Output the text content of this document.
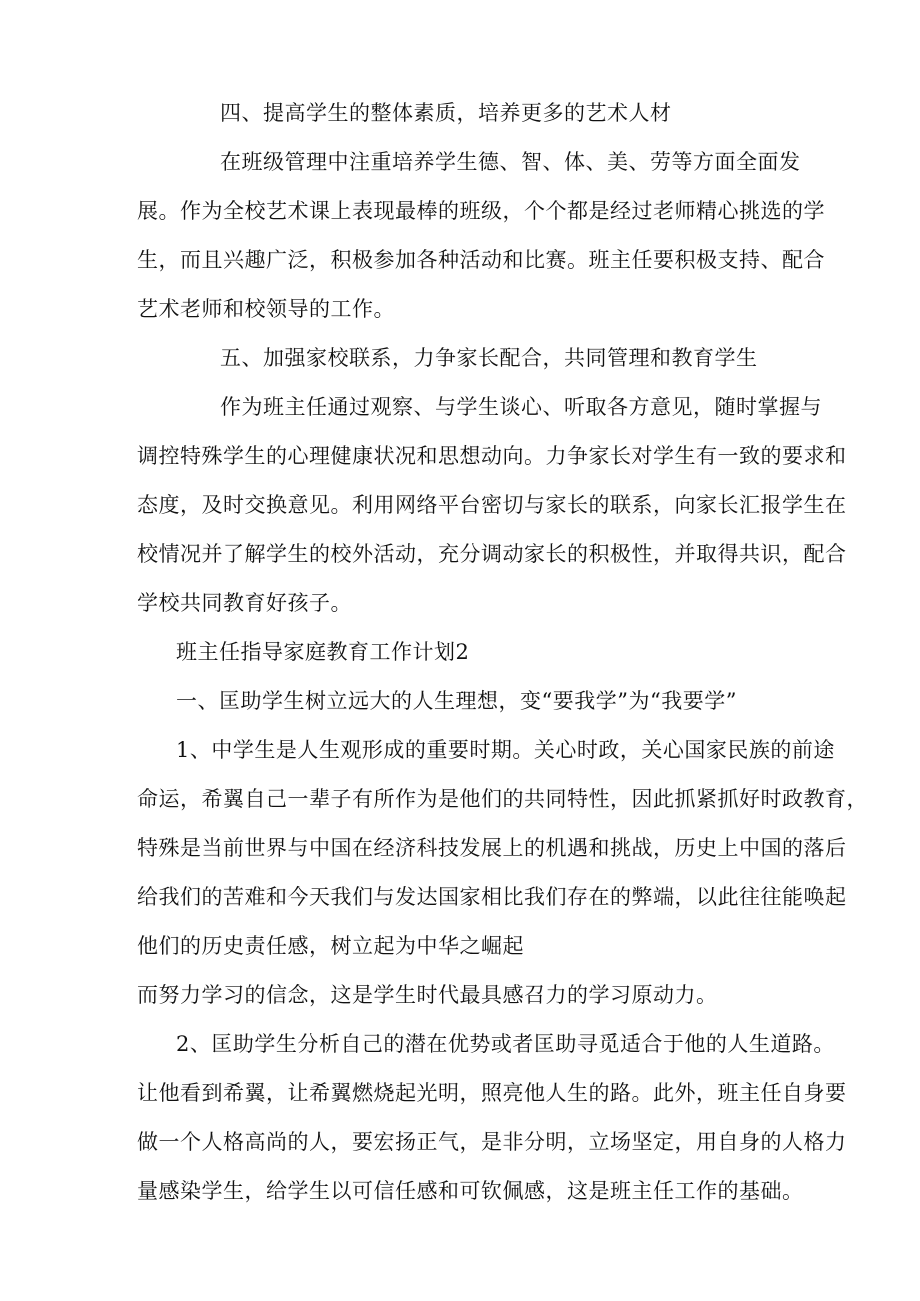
四、提高学生的整体素质，培养更多的艺术人材
在班级管理中注重培养学生德、智、体、美、劳等方面全面发
展。作为全校艺术课上表现最棒的班级，个个都是经过老师精心挑选的学
生，而且兴趣广泛，积极参加各种活动和比赛。班主任要积极支持、配合
艺术老师和校领导的工作。
五、加强家校联系，力争家长配合，共同管理和教育学生
作为班主任通过观察、与学生谈心、听取各方意见，随时掌握与
调控特殊学生的心理健康状况和思想动向。力争家长对学生有一致的要求和
态度，及时交换意见。利用网络平台密切与家长的联系，向家长汇报学生在
校情况并了解学生的校外活动，充分调动家长的积极性，并取得共识，配合
学校共同教育好孩子。
班主任指导家庭教育工作计划2
一、匡助学生树立远大的人生理想，变“要我学”为“我要学”
1、中学生是人生观形成的重要时期。关心时政，关心国家民族的前途
命运，希翼自己一辈子有所作为是他们的共同特性，因此抓紧抓好时政教育，
特殊是当前世界与中国在经济科技发展上的机遇和挑战，历史上中国的落后
给我们的苦难和今天我们与发达国家相比我们存在的弊端，以此往往能唤起
他们的历史责任感，树立起为中华之崛起
而努力学习的信念，这是学生时代最具感召力的学习原动力。
2、匡助学生分析自己的潜在优势或者匡助寻觅适合于他的人生道路。
让他看到希翼，让希翼燃烧起光明，照亮他人生的路。此外，班主任自身要
做一个人格高尚的人，要宏扬正气，是非分明，立场坚定，用自身的人格力
量感染学生，给学生以可信任感和可钦佩感，这是班主任工作的基础。
